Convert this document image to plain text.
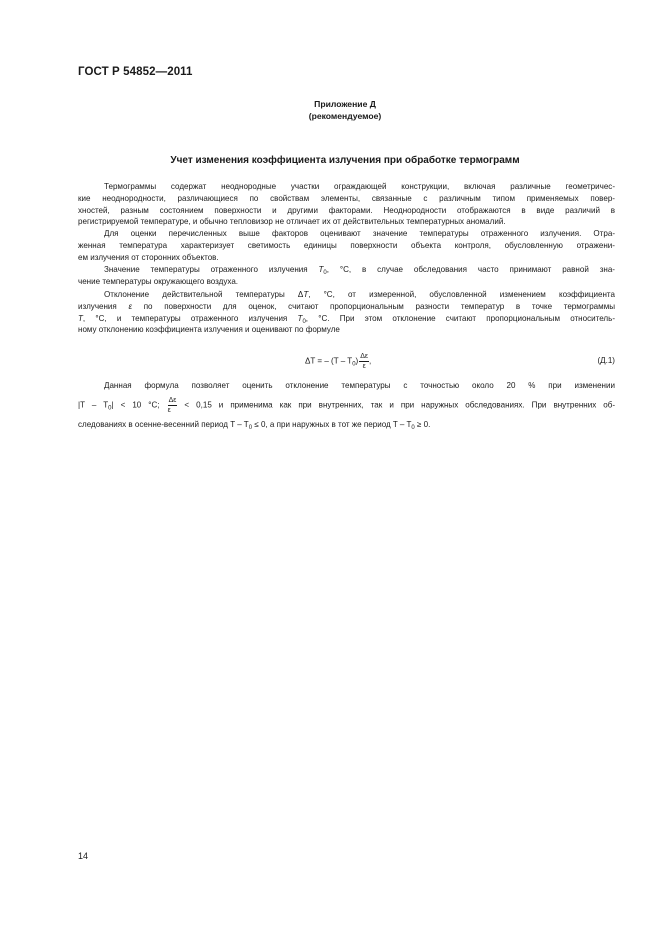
ГОСТ Р 54852—2011
Приложение Д
(рекомендуемое)
Учет изменения коэффициента излучения при обработке термограмм
Термограммы содержат неоднородные участки ограждающей конструкции, включая различные геометричес-
кие неоднородности, различающиеся по свойствам элементы, связанные с различным типом применяемых повер-
хностей, разным состоянием поверхности и другими факторами. Неоднородности отображаются в виде различий в
регистрируемой температуре, и обычно тепловизор не отличает их от действительных температурных аномалий.
Для оценки перечисленных выше факторов оценивают значение температуры отраженного излучения. Отра-
женная температура характеризует светимость единицы поверхности объекта контроля, обусловленную отражени-
ем излучения от сторонних объектов.
Значение температуры отраженного излучения $T_0$, °С, в случае обследования часто принимают равной зна-
чение температуры окружающего воздуха.
Отклонение действительной температуры ΔT, °С, от измеренной, обусловленной изменением коэффициента
излучения ε по поверхности для оценок, считают пропорциональным разности температур в точке термограммы
T, °С, и температуры отраженного излучения $T_0$, °С. При этом отклонение считают пропорциональным относитель-
ному отклонению коэффициента излучения и оценивают по формуле
ΔT = – $(T - T_0) \frac{\Delta\varepsilon}{\varepsilon}$ ,	(Д.1)
Данная формула позволяет оценить отклонение температуры с точностью около 20 % при изменении
$|T - T_0| < 10$ °С; $\frac{\Delta\varepsilon}{\varepsilon} < 0,15$ и применима как при внутренних, так и при наружных обследованиях. При внутренних об-
следованиях в осенне-весенний период $T - T_0 \le 0$, а при наружных в тот же период $T - T_0 \ge 0$.
14
